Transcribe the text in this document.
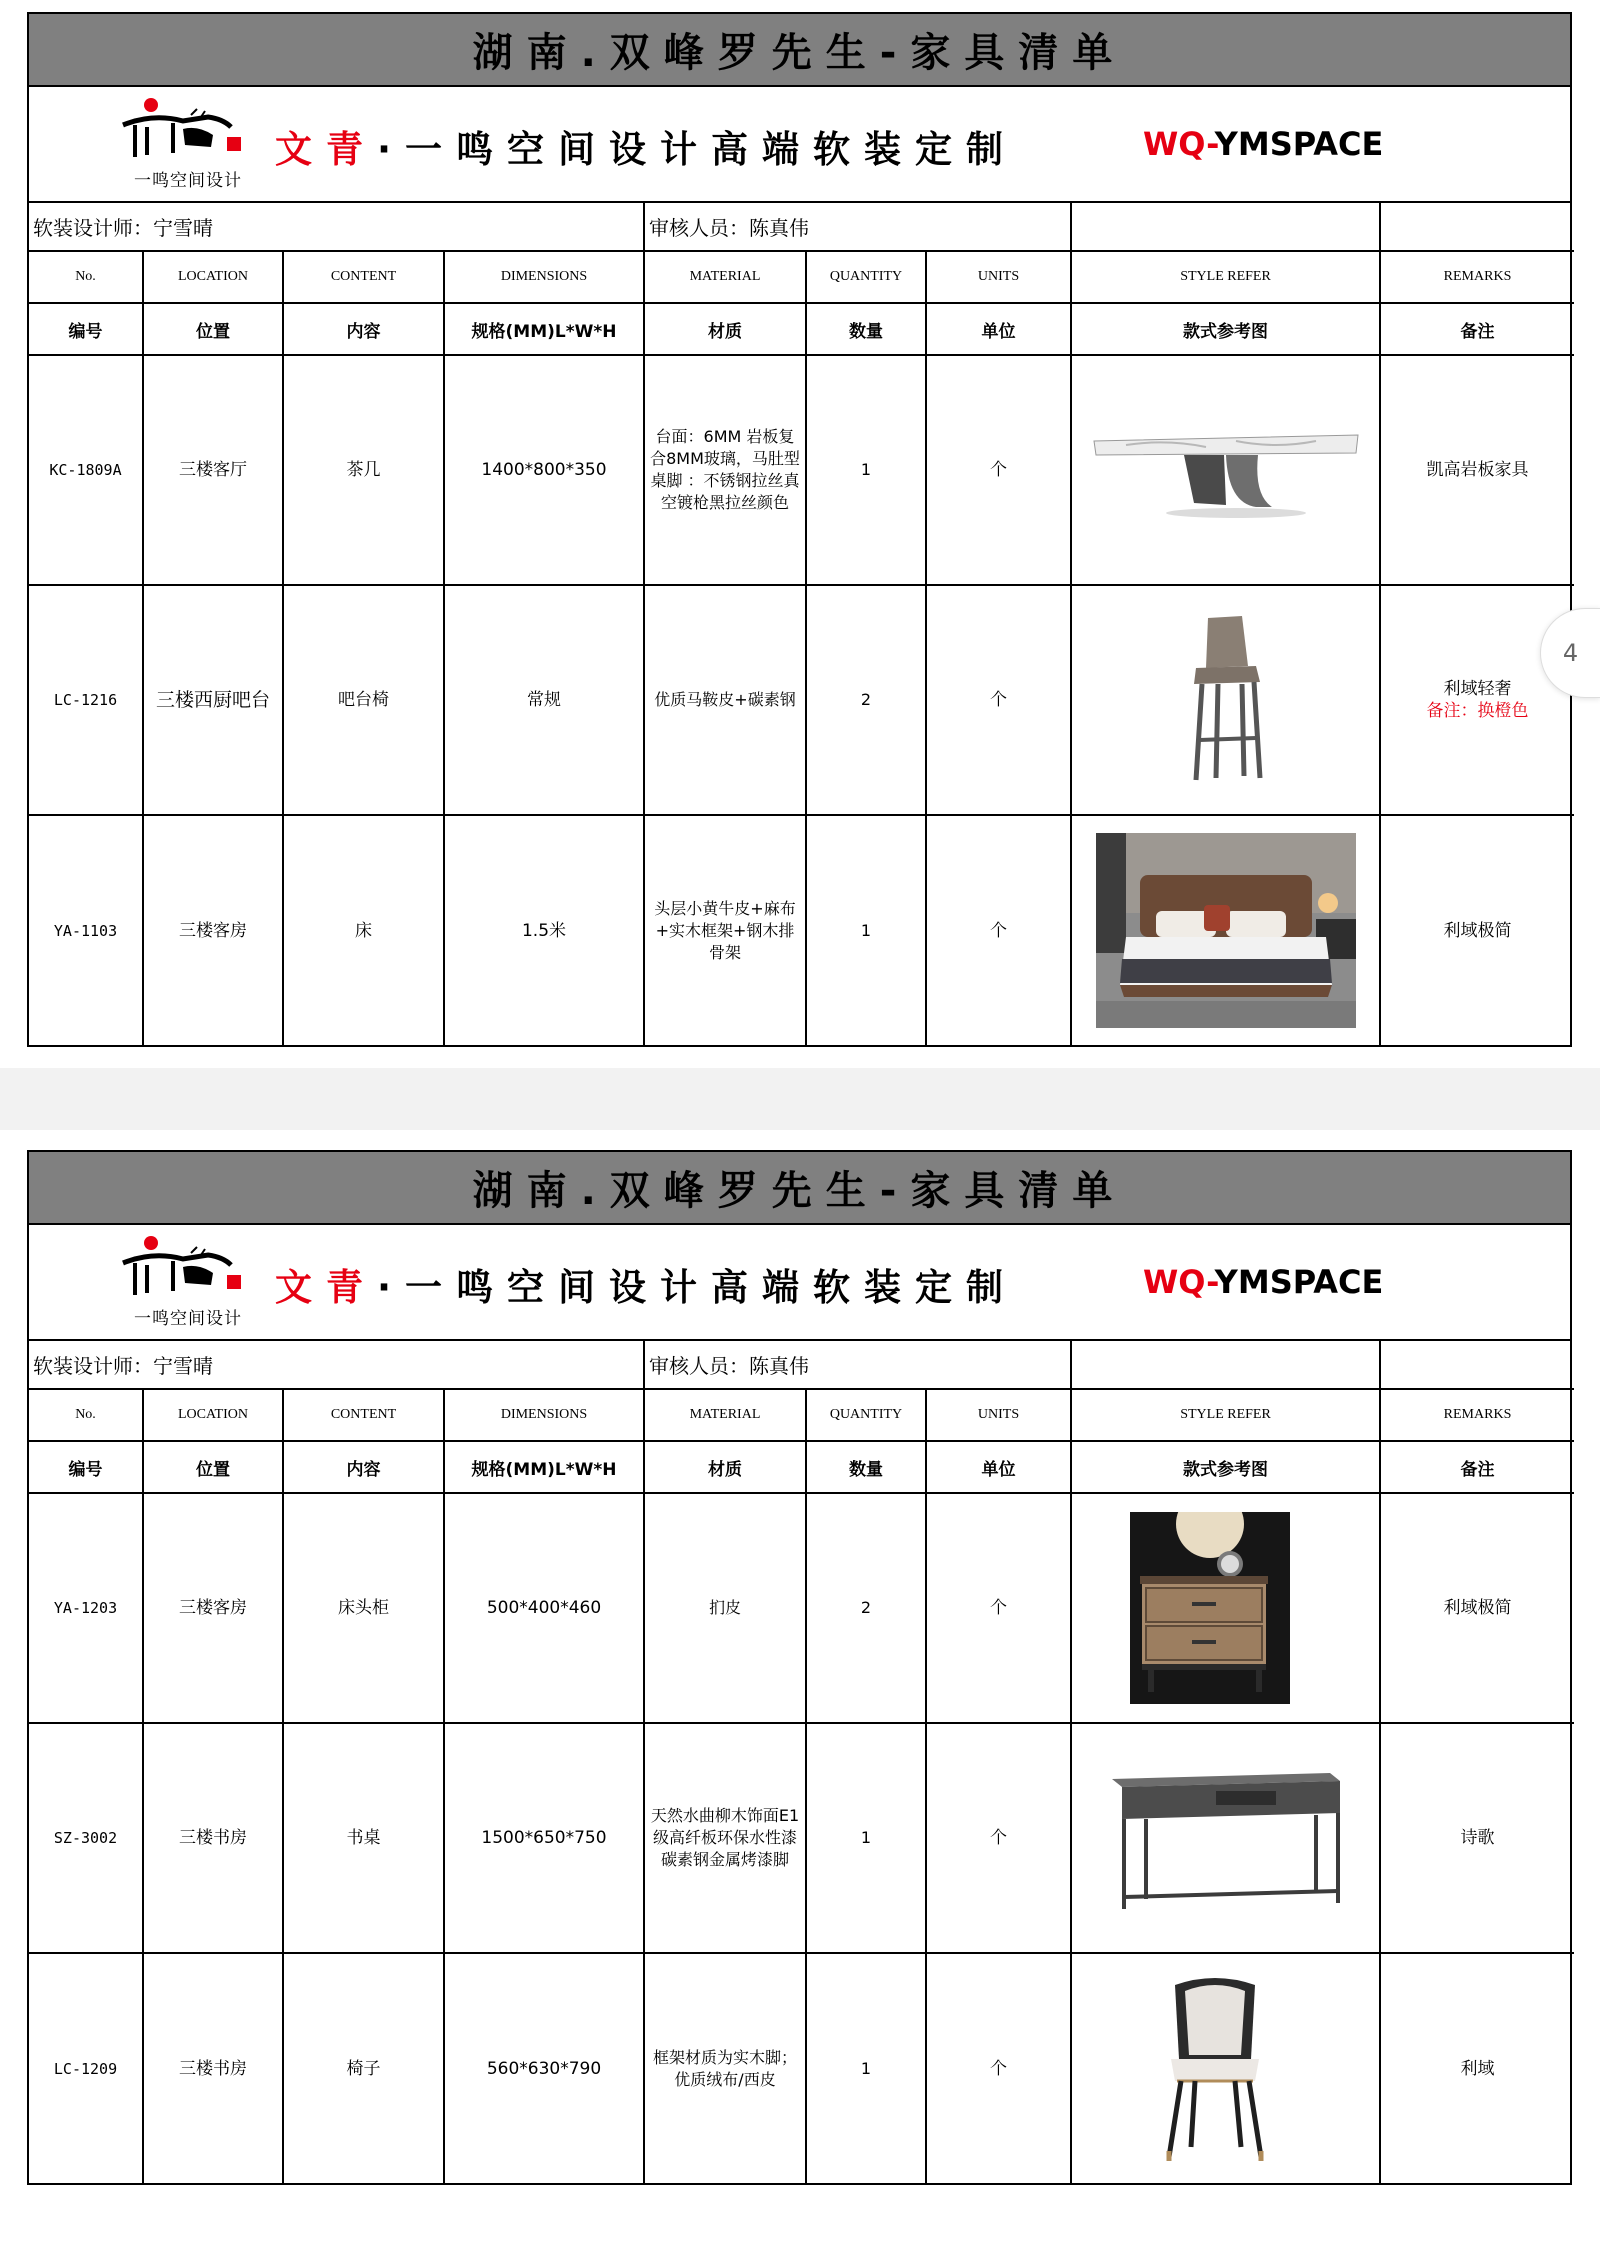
湖南.双峰罗先生-家具清单
一鸣空间设计
文青·一鸣空间设计高端软装定制	WQ-YMSPACE
软装设计师：宁雪晴				审核人员：陈真伟				
No.	LOCATION	CONTENT	DIMENSIONS	MATERIAL	QUANTITY	UNITS	STYLE REFER	REMARKS
编号	位置	内容	规格(MM)L*W*H	材质	数量	单位	款式参考图	备注
KC-1809A	三楼客厅	茶几	1400*800*350	台面：6MM 岩板复合8MM玻璃，马肚型桌脚 ：不锈钢拉丝真空镀枪黑拉丝颜色	1	个		凯高岩板家具
LC-1216	三楼西厨吧台	吧台椅	常规	优质马鞍皮+碳素钢	2	个		利域轻奢
备注：换橙色

YA-1103	三楼客房	床	1.5米	头层小黄牛皮+麻布+实木框架+钢木排骨架	1	个		利域极简
湖南.双峰罗先生-家具清单
一鸣空间设计
文青·一鸣空间设计高端软装定制	WQ-YMSPACE
软装设计师：宁雪晴				审核人员：陈真伟				
No.	LOCATION	CONTENT	DIMENSIONS	MATERIAL	QUANTITY	UNITS	STYLE REFER	REMARKS
编号	位置	内容	规格(MM)L*W*H	材质	数量	单位	款式参考图	备注
YA-1203	三楼客房	床头柜	500*400*460	扪皮	2	个		利域极简
SZ-3002	三楼书房	书桌	1500*650*750	天然水曲柳木饰面E1级高纤板环保水性漆碳素钢金属烤漆脚	1	个		诗歌
LC-1209	三楼书房	椅子	560*630*790	框架材质为实木脚；优质绒布/西皮	1	个		利域
4
